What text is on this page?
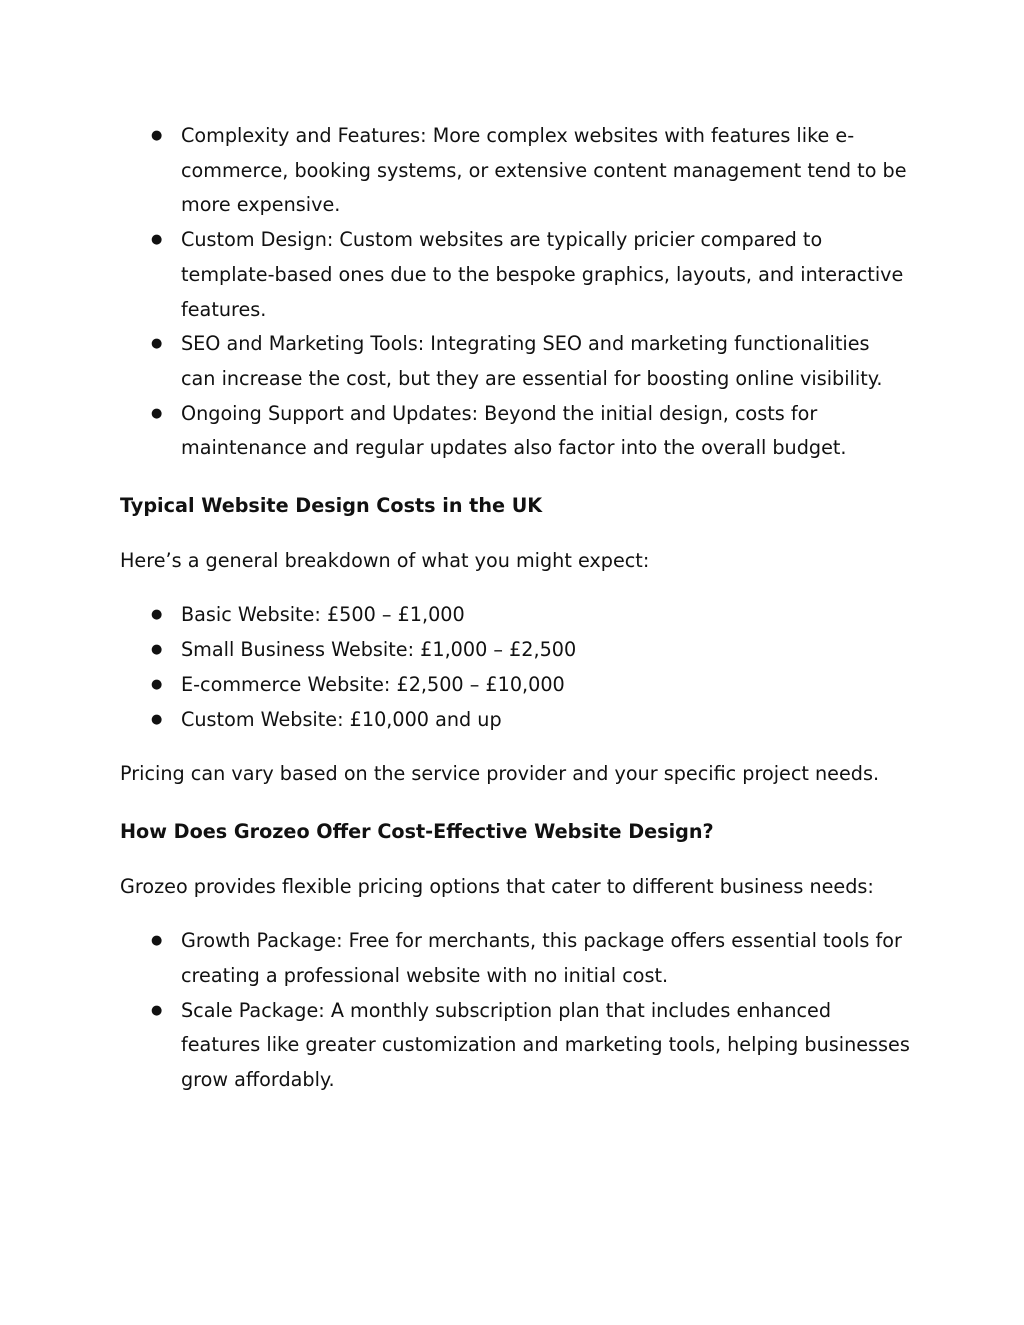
● Complexity and Features: More complex websites with features like e-commerce, booking systems, or extensive content management tend to be more expensive.
● Custom Design: Custom websites are typically pricier compared to template-based ones due to the bespoke graphics, layouts, and interactive features.
● SEO and Marketing Tools: Integrating SEO and marketing functionalities can increase the cost, but they are essential for boosting online visibility.
● Ongoing Support and Updates: Beyond the initial design, costs for maintenance and regular updates also factor into the overall budget.
Typical Website Design Costs in the UK

Here’s a general breakdown of what you might expect:

● Basic Website: £500 – £1,000
● Small Business Website: £1,000 – £2,500
● E-commerce Website: £2,500 – £10,000
● Custom Website: £10,000 and up

Pricing can vary based on the service provider and your specific project needs.

How Does Grozeo Offer Cost-Effective Website Design?

Grozeo provides flexible pricing options that cater to different business needs:

● Growth Package: Free for merchants, this package offers essential tools for creating a professional website with no initial cost.
● Scale Package: A monthly subscription plan that includes enhanced features like greater customization and marketing tools, helping businesses grow affordably.
